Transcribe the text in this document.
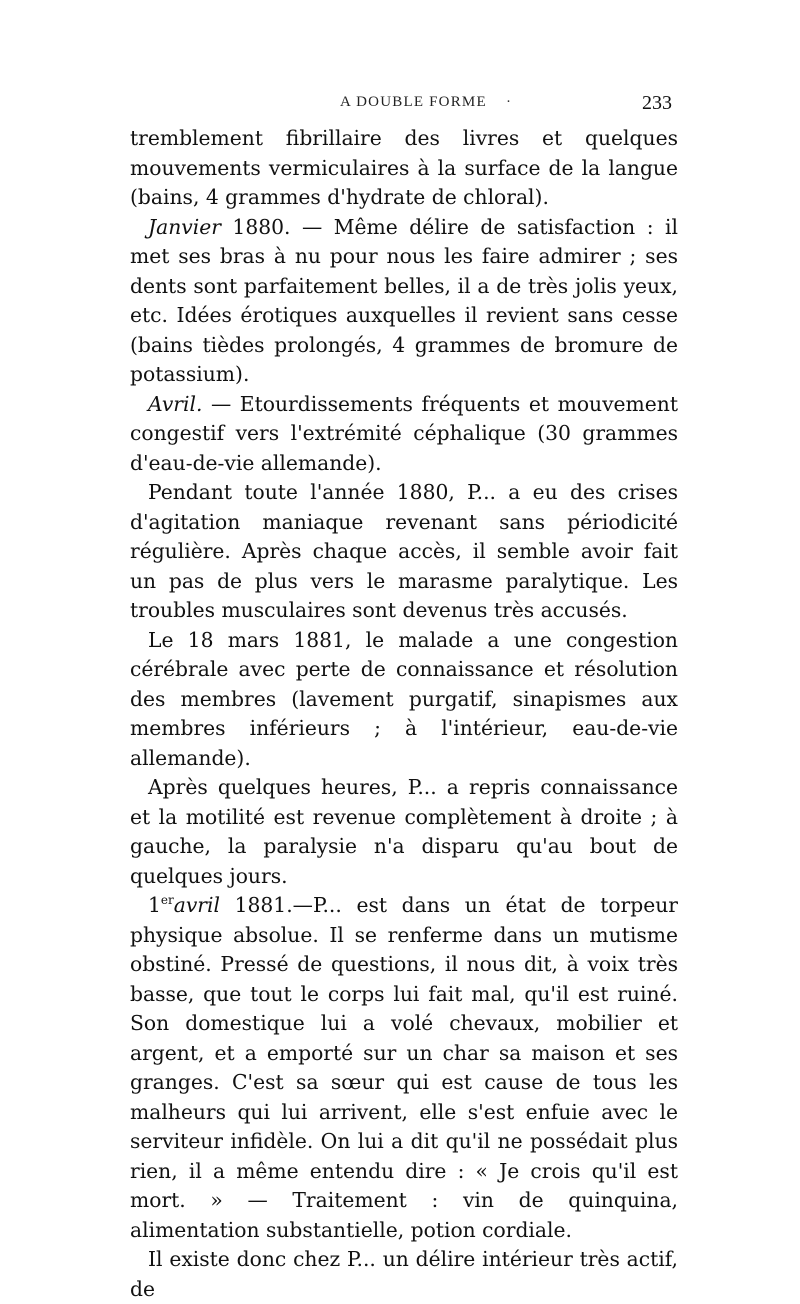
A DOUBLE FORME ·	233

tremblement fibrillaire des livres et quelques mouvements vermiculaires à la surface de la langue (bains, 4 grammes d'hydrate de chloral).

Janvier 1880. — Même délire de satisfaction : il met ses bras à nu pour nous les faire admirer ; ses dents sont parfaitement belles, il a de très jolis yeux, etc. Idées érotiques auxquelles il revient sans cesse (bains tièdes prolongés, 4 grammes de bromure de potassium).

Avril. — Etourdissements fréquents et mouvement congestif vers l'extrémité céphalique (30 grammes d'eau-de-vie allemande).

Pendant toute l'année 1880, P... a eu des crises d'agitation maniaque revenant sans périodicité régulière. Après chaque accès, il semble avoir fait un pas de plus vers le marasme paralytique. Les troubles musculaires sont devenus très accusés.

Le 18 mars 1881, le malade a une congestion cérébrale avec perte de connaissance et résolution des membres (lavement purgatif, sinapismes aux membres inférieurs ; à l'intérieur, eau-de-vie allemande).

Après quelques heures, P... a repris connaissance et la motilité est revenue complètement à droite ; à gauche, la paralysie n'a disparu qu'au bout de quelques jours.

1eravril 1881.—P... est dans un état de torpeur physique absolue. Il se renferme dans un mutisme obstiné. Pressé de questions, il nous dit, à voix très basse, que tout le corps lui fait mal, qu'il est ruiné. Son domestique lui a volé chevaux, mobilier et argent, et a emporté sur un char sa maison et ses granges. C'est sa sœur qui est cause de tous les malheurs qui lui arrivent, elle s'est enfuie avec le serviteur infidèle. On lui a dit qu'il ne possédait plus rien, il a même entendu dire : « Je crois qu'il est mort. » — Traitement : vin de quinquina, alimentation substantielle, potion cordiale.

Il existe donc chez P... un délire intérieur très actif, de
